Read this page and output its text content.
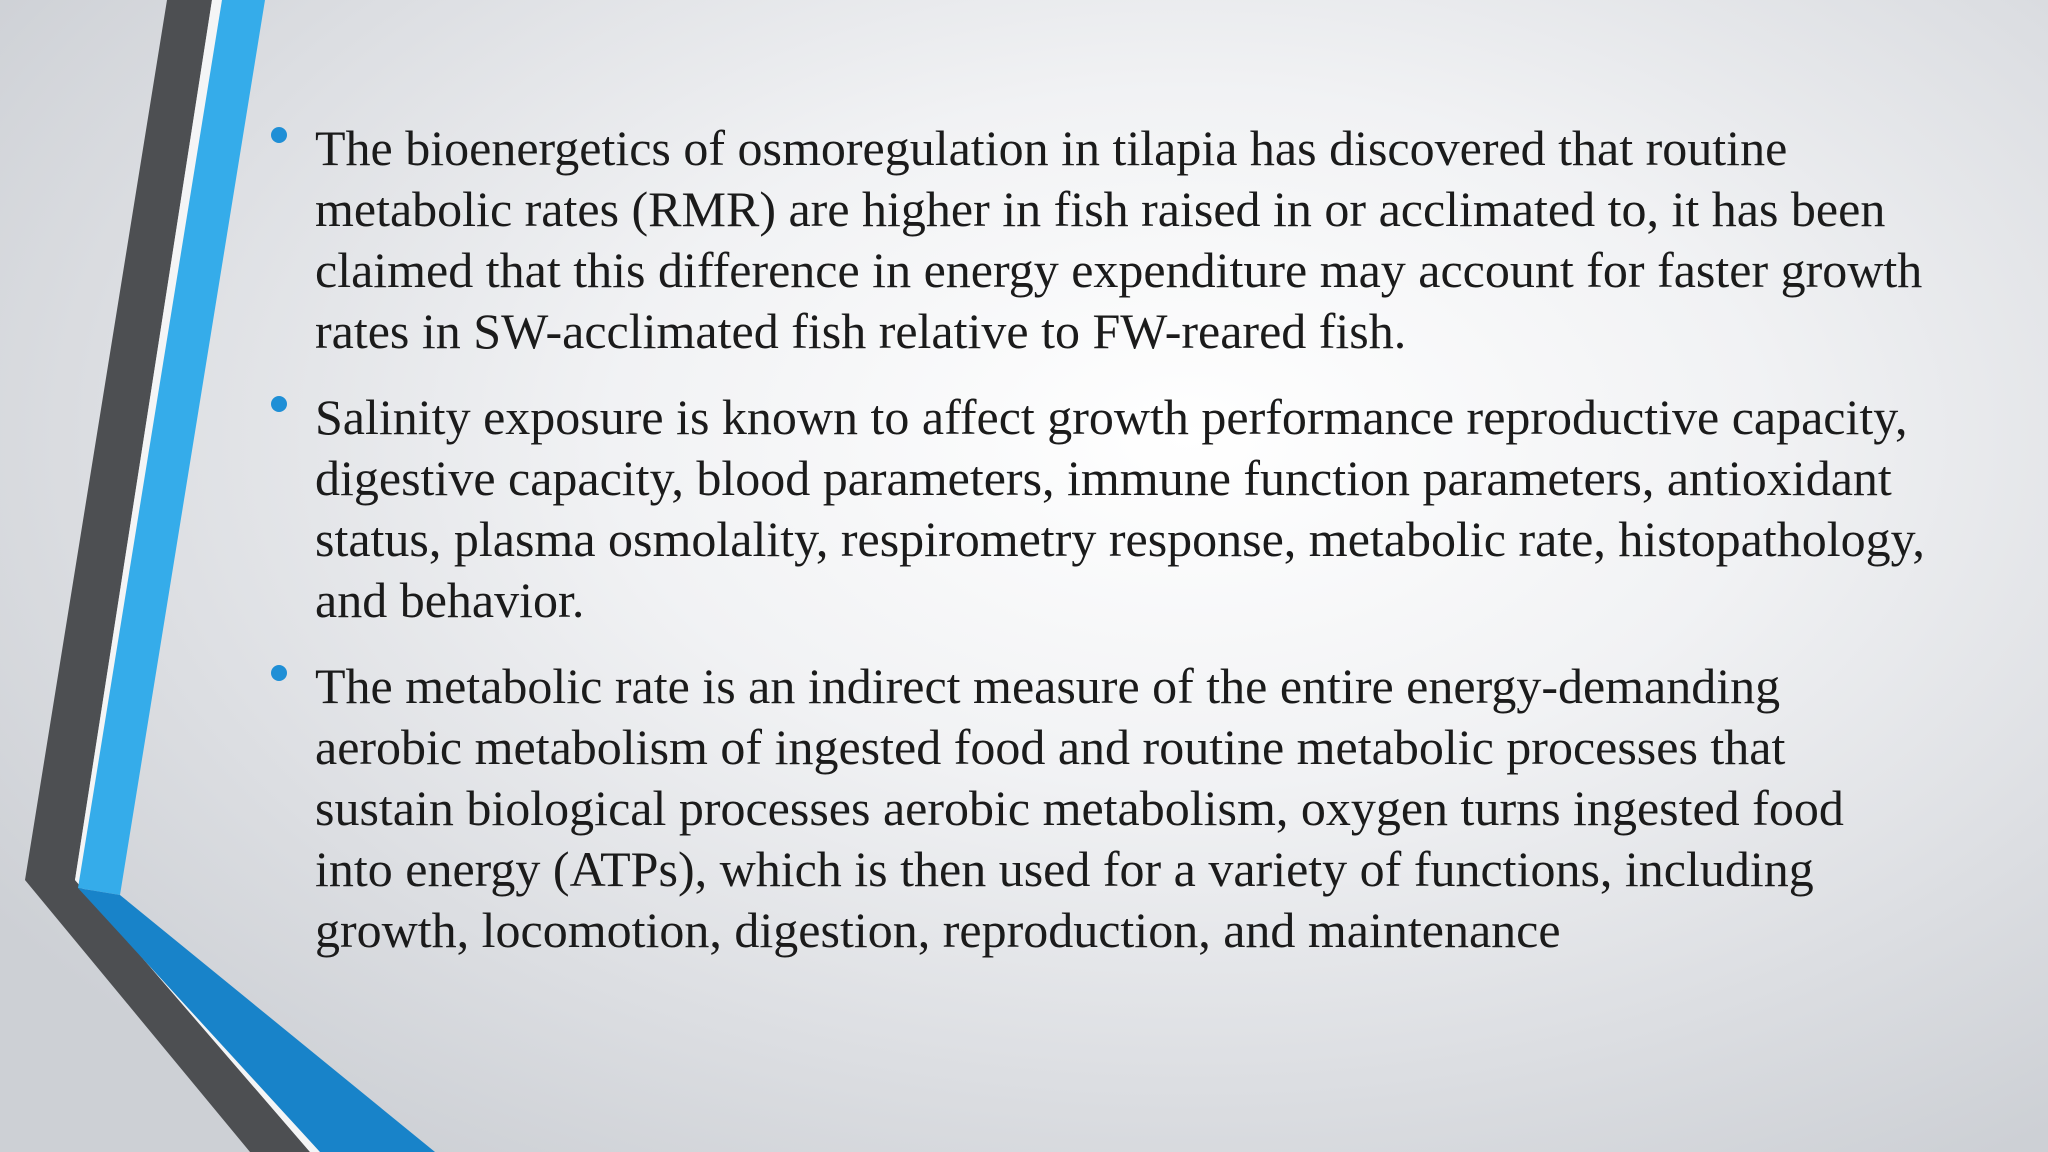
The bioenergetics of osmoregulation in tilapia has discovered that routine metabolic rates (RMR) are higher in fish raised in or acclimated to, it has been claimed that this difference in energy expenditure may account for faster growth rates in SW-acclimated fish relative to FW-reared fish.
Salinity exposure is known to affect growth performance reproductive capacity, digestive capacity, blood parameters, immune function parameters, antioxidant status, plasma osmolality, respirometry response, metabolic rate, histopathology, and behavior.
The metabolic rate is an indirect measure of the entire energy-demanding aerobic metabolism of ingested food and routine metabolic processes that sustain biological processes aerobic metabolism, oxygen turns ingested food into energy (ATPs), which is then used for a variety of functions, including growth, locomotion, digestion, reproduction, and maintenance
